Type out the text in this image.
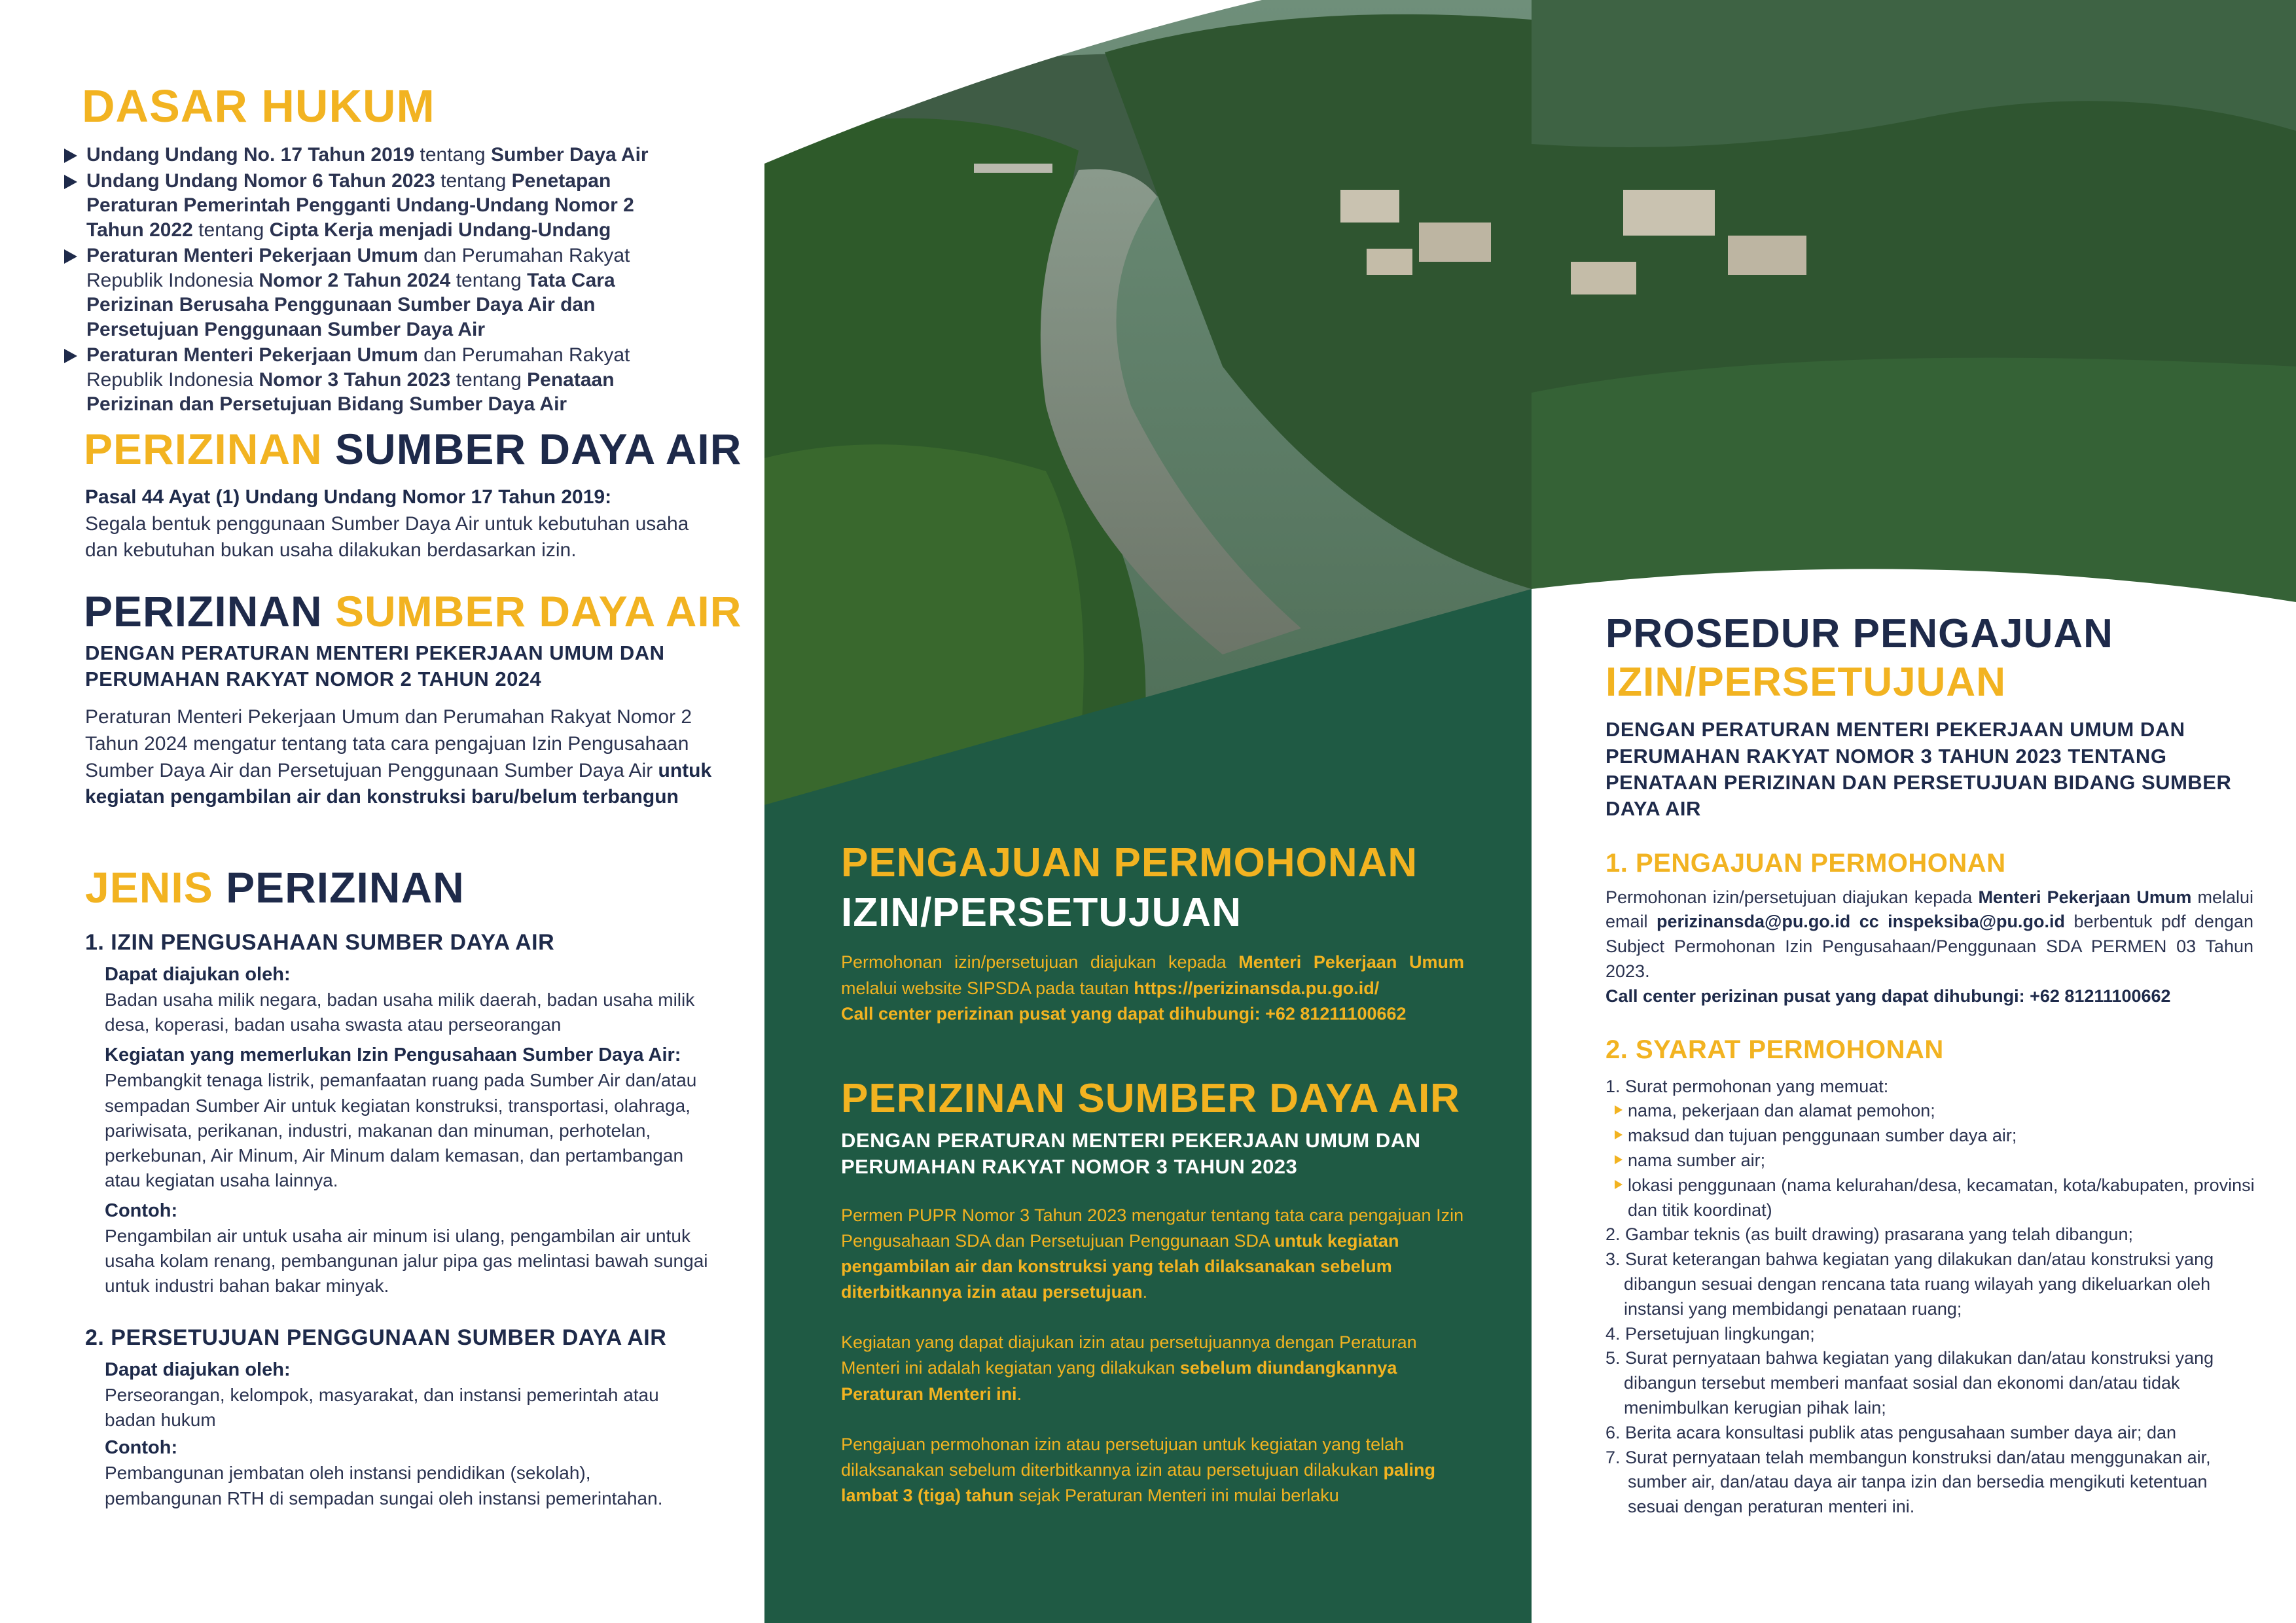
DASAR HUKUM
Undang Undang No. 17 Tahun 2019 tentang Sumber Daya Air
Undang Undang Nomor 6 Tahun 2023 tentang Penetapan Peraturan Pemerintah Pengganti Undang-Undang Nomor 2 Tahun 2022 tentang Cipta Kerja menjadi Undang-Undang
Peraturan Menteri Pekerjaan Umum dan Perumahan Rakyat Republik Indonesia Nomor 2 Tahun 2024 tentang Tata Cara Perizinan Berusaha Penggunaan Sumber Daya Air dan Persetujuan Penggunaan Sumber Daya Air
Peraturan Menteri Pekerjaan Umum dan Perumahan Rakyat Republik Indonesia Nomor 3 Tahun 2023 tentang Penataan Perizinan dan Persetujuan Bidang Sumber Daya Air
PERIZINAN SUMBER DAYA AIR

Pasal 44 Ayat (1) Undang Undang Nomor 17 Tahun 2019:

Segala bentuk penggunaan Sumber Daya Air untuk kebutuhan usaha dan kebutuhan bukan usaha dilakukan berdasarkan izin.

PERIZINAN SUMBER DAYA AIR

DENGAN PERATURAN MENTERI PEKERJAAN UMUM DAN PERUMAHAN RAKYAT NOMOR 2 TAHUN 2024

Peraturan Menteri Pekerjaan Umum dan Perumahan Rakyat Nomor 2 Tahun 2024 mengatur tentang tata cara pengajuan Izin Pengusahaan Sumber Daya Air dan Persetujuan Penggunaan Sumber Daya Air untuk kegiatan pengambilan air dan konstruksi baru/belum terbangun

JENIS PERIZINAN

1. IZIN PENGUSAHAAN SUMBER DAYA AIR

Dapat diajukan oleh:

Badan usaha milik negara, badan usaha milik daerah, badan usaha milik desa, koperasi, badan usaha swasta atau perseorangan

Kegiatan yang memerlukan Izin Pengusahaan Sumber Daya Air:

Pembangkit tenaga listrik, pemanfaatan ruang pada Sumber Air dan/atau sempadan Sumber Air untuk kegiatan konstruksi, transportasi, olahraga, pariwisata, perikanan, industri, makanan dan minuman, perhotelan, perkebunan, Air Minum, Air Minum dalam kemasan, dan pertambangan atau kegiatan usaha lainnya.

Contoh:

Pengambilan air untuk usaha air minum isi ulang, pengambilan air untuk usaha kolam renang, pembangunan jalur pipa gas melintasi bawah sungai untuk industri bahan bakar minyak.

2. PERSETUJUAN PENGGUNAAN SUMBER DAYA AIR

Dapat diajukan oleh:

Perseorangan, kelompok, masyarakat, dan instansi pemerintah atau badan hukum

Contoh:

Pembangunan jembatan oleh instansi pendidikan (sekolah), pembangunan RTH di sempadan sungai oleh instansi pemerintahan.

PENGAJUAN PERMOHONAN

IZIN/PERSETUJUAN

Permohonan izin/persetujuan diajukan kepada Menteri Pekerjaan Umum melalui website SIPSDA pada tautan https://perizinansda.pu.go.id/
Call center perizinan pusat yang dapat dihubungi: +62 81211100662

PERIZINAN SUMBER DAYA AIR

DENGAN PERATURAN MENTERI PEKERJAAN UMUM DAN PERUMAHAN RAKYAT NOMOR 3 TAHUN 2023

Permen PUPR Nomor 3 Tahun 2023 mengatur tentang tata cara pengajuan Izin Pengusahaan SDA dan Persetujuan Penggunaan SDA untuk kegiatan pengambilan air dan konstruksi yang telah dilaksanakan sebelum diterbitkannya izin atau persetujuan.

Kegiatan yang dapat diajukan izin atau persetujuannya dengan Peraturan Menteri ini adalah kegiatan yang dilakukan sebelum diundangkannya Peraturan Menteri ini.

Pengajuan permohonan izin atau persetujuan untuk kegiatan yang telah dilaksanakan sebelum diterbitkannya izin atau persetujuan dilakukan paling lambat 3 (tiga) tahun sejak Peraturan Menteri ini mulai berlaku

PROSEDUR PENGAJUAN

IZIN/PERSETUJUAN

DENGAN PERATURAN MENTERI PEKERJAAN UMUM DAN PERUMAHAN RAKYAT NOMOR 3 TAHUN 2023 TENTANG PENATAAN PERIZINAN DAN PERSETUJUAN BIDANG SUMBER DAYA AIR

1. PENGAJUAN PERMOHONAN

Permohonan izin/persetujuan diajukan kepada Menteri Pekerjaan Umum melalui email perizinansda@pu.go.id cc inspeksiba@pu.go.id berbentuk pdf dengan Subject Permohonan Izin Pengusahaan/Penggunaan SDA PERMEN 03 Tahun 2023.
Call center perizinan pusat yang dapat dihubungi: +62 81211100662

2. SYARAT PERMOHONAN

1. Surat permohonan yang memuat:
nama, pekerjaan dan alamat pemohon;
maksud dan tujuan penggunaan sumber daya air;
nama sumber air;
lokasi penggunaan (nama kelurahan/desa, kecamatan, kota/kabupaten, provinsi dan titik koordinat)
2. Gambar teknis (as built drawing) prasarana yang telah dibangun;
3. Surat keterangan bahwa kegiatan yang dilakukan dan/atau konstruksi yang dibangun sesuai dengan rencana tata ruang wilayah yang dikeluarkan oleh instansi yang membidangi penataan ruang;
4. Persetujuan lingkungan;
5. Surat pernyataan bahwa kegiatan yang dilakukan dan/atau konstruksi yang dibangun tersebut memberi manfaat sosial dan ekonomi dan/atau tidak menimbulkan kerugian pihak lain;
6. Berita acara konsultasi publik atas pengusahaan sumber daya air; dan
7. Surat pernyataan telah membangun konstruksi dan/atau menggunakan air, sumber air, dan/atau daya air tanpa izin dan bersedia mengikuti ketentuan sesuai dengan peraturan menteri ini.
